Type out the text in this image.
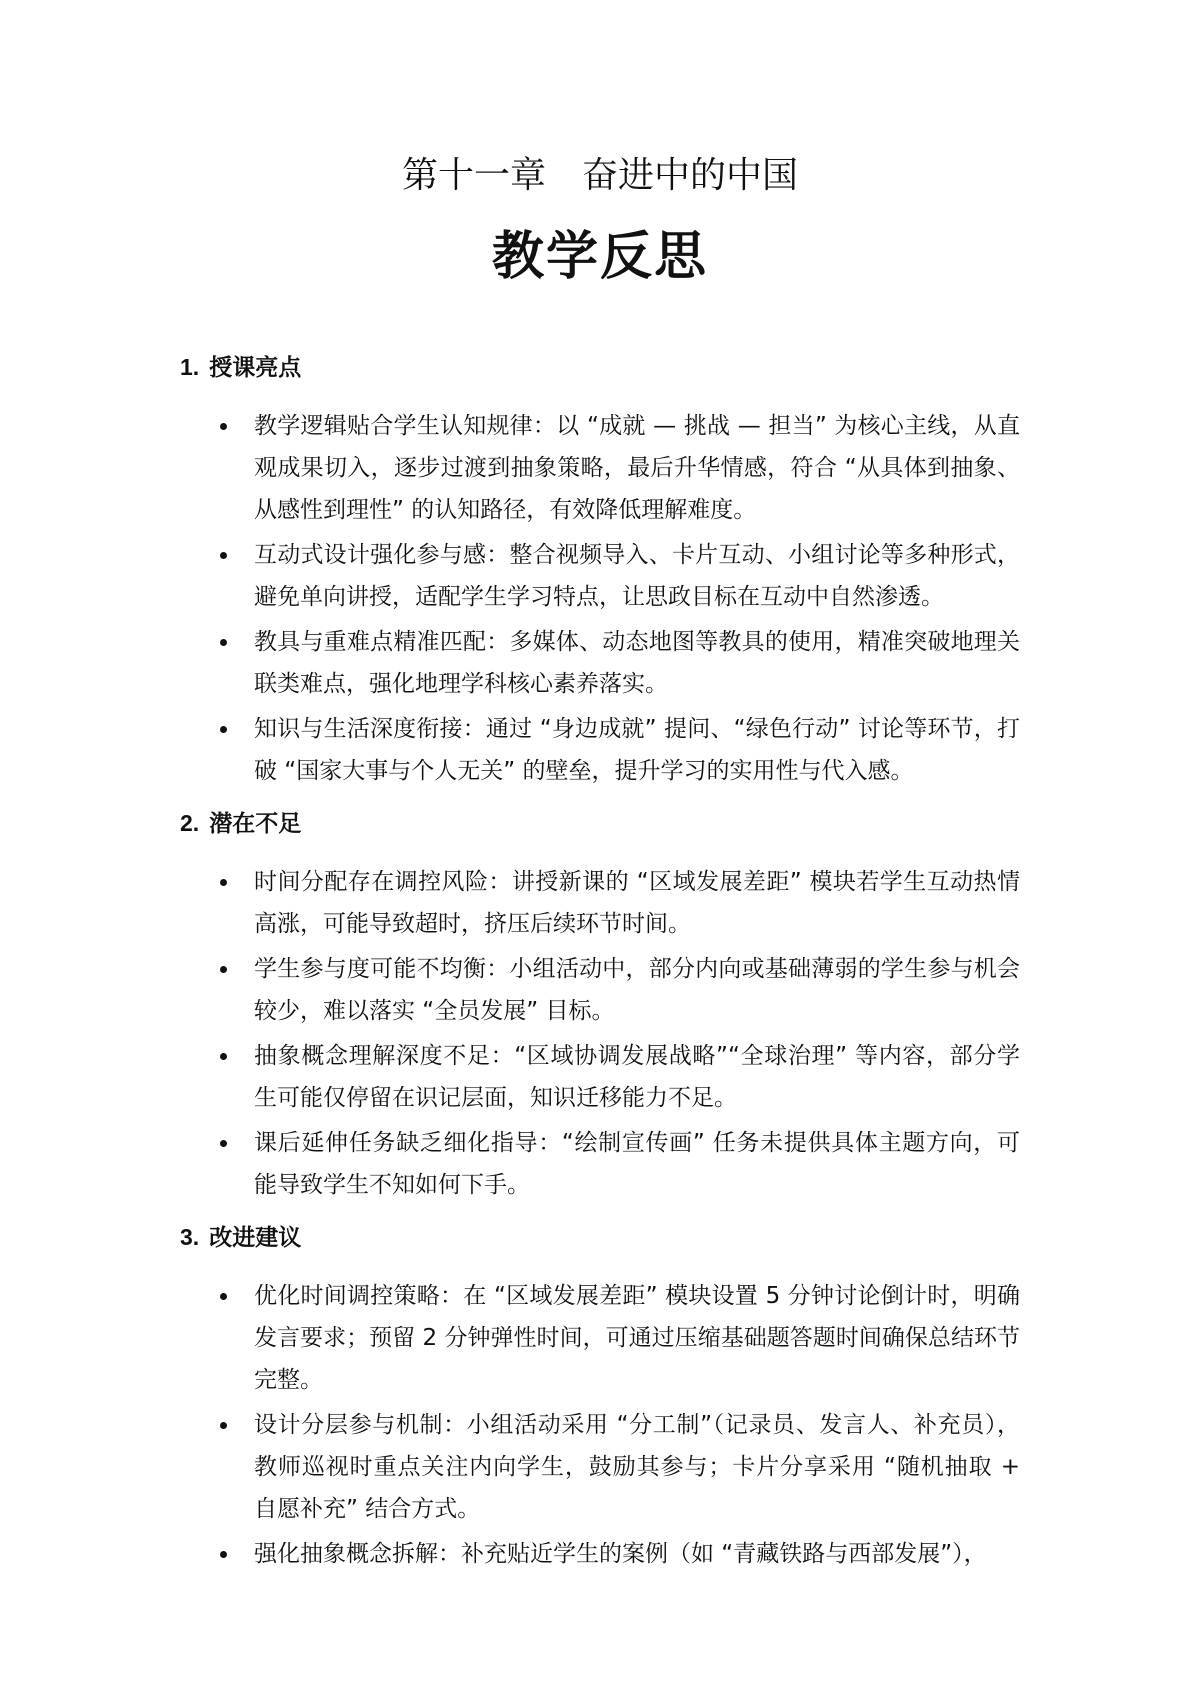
第十一章　奋进中的中国
教学反思
1. 授课亮点
教学逻辑贴合学生认知规律：以 “成就 — 挑战 — 担当” 为核心主线，从直观成果切入，逐步过渡到抽象策略，最后升华情感，符合 “从具体到抽象、从感性到理性” 的认知路径，有效降低理解难度。
互动式设计强化参与感：整合视频导入、卡片互动、小组讨论等多种形式，避免单向讲授，适配学生学习特点，让思政目标在互动中自然渗透。
教具与重难点精准匹配：多媒体、动态地图等教具的使用，精准突破地理关联类难点，强化地理学科核心素养落实。
知识与生活深度衔接：通过 “身边成就” 提问、“绿色行动” 讨论等环节，打破 “国家大事与个人无关” 的壁垒，提升学习的实用性与代入感。
2. 潜在不足
时间分配存在调控风险：讲授新课的 “区域发展差距” 模块若学生互动热情高涨，可能导致超时，挤压后续环节时间。
学生参与度可能不均衡：小组活动中，部分内向或基础薄弱的学生参与机会较少，难以落实 “全员发展” 目标。
抽象概念理解深度不足：“区域协调发展战略”“全球治理” 等内容，部分学生可能仅停留在识记层面，知识迁移能力不足。
课后延伸任务缺乏细化指导：“绘制宣传画” 任务未提供具体主题方向，可能导致学生不知如何下手。
3. 改进建议
优化时间调控策略：在 “区域发展差距” 模块设置 5 分钟讨论倒计时，明确发言要求；预留 2 分钟弹性时间，可通过压缩基础题答题时间确保总结环节完整。
设计分层参与机制：小组活动采用 “分工制”（记录员、发言人、补充员），教师巡视时重点关注内向学生，鼓励其参与；卡片分享采用 “随机抽取 + 自愿补充” 结合方式。
强化抽象概念拆解：补充贴近学生的案例（如 “青藏铁路与西部发展”），
